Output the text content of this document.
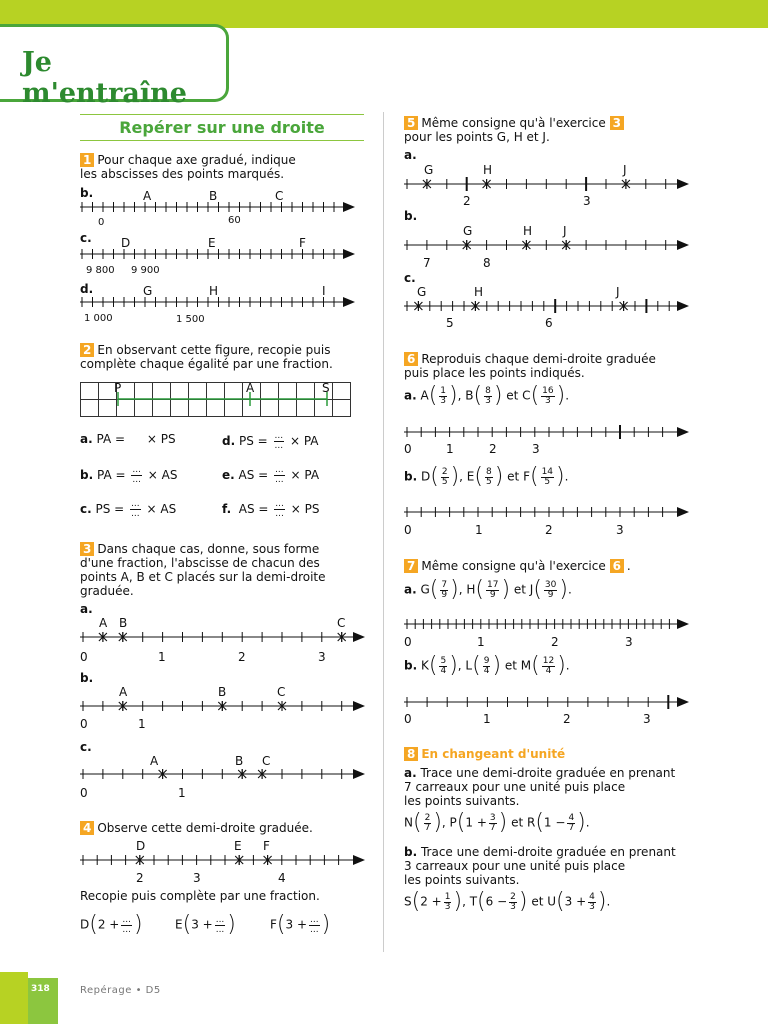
Je m'entraîne
Repérer sur une droite
1 Pour chaque axe gradué, indique
les abscisses des points marqués.
b.	A	B	C
0	60
c. D	E	F
9 800 9 900
d.	G	H	I
1 000	1 500
2 En observant cette figure, recopie puis
complète chaque égalité par une fraction.

P	A	S
a. PA = × PS	d. PS = $\frac{...}{...}$ × PA
b. PA = $\frac{...}{...}$ × AS	e. AS = $\frac{...}{...}$ × PA
c. PS = $\frac{...}{...}$ × AS	f. AS = $\frac{...}{...}$ × PS
3 Dans chaque cas, donne, sous forme
d'une fraction, l'abscisse de chacun des
points A, B et C placés sur la demi-droite
graduée.
a.
A B	C
0	1	2	3
b.
A	B	C
0	1
c.
A	B C
0	1
4 Observe cette demi-droite graduée.
D	E F
2	3	4
Recopie puis complète par une fraction.
$D(2 + \frac{...}{...}$ )	$E(3 + \frac{...}{...}$ )	$F(3 + \frac{...}{...}$ )
5 Même consigne qu'à l'exercice 3
pour les points G, H et J.
a.
G	H	J
2	3
b.
G	H	J
7	8
c.
G	H	J
5	6
6 Reproduis chaque demi-droite graduée
puis place les points indiqués.
a. $A( \frac{1}{3}$ ), $B( \frac{8}{3}$ ) et $C( \frac{16}{3}$ ).
0	1	2	3
b. $D( \frac{2}{5}$ ), $E( \frac{8}{5}$ ) et $F( \frac{14}{5}$ ).
0	1	2	3
7 Même consigne qu'à l'exercice 6 .
a. $G( \frac{7}{9}$ ), $H( \frac{17}{9}$ ) et $J( \frac{30}{9}$ ).
0	1	2	3
b. $K( \frac{5}{4}$ ), $L( \frac{9}{4}$ ) et $M( \frac{12}{4}$ ).
0	1	2	3
8 En changeant d'unité
a. Trace une demi-droite graduée en prenant
7 carreaux pour une unité puis place
les points suivants.
$N( \frac{2}{7}$ ), $P(1 + \frac{3}{7}$ ) et $R(1 - \frac{4}{7}$ ).
b. Trace une demi-droite graduée en prenant
3 carreaux pour une unité puis place
les points suivants.
$S(2 + \frac{1}{3}$ ), $T(6 - \frac{2}{3}$ ) et $U(3 + \frac{4}{3}$ ).
318	Repérage • D5
